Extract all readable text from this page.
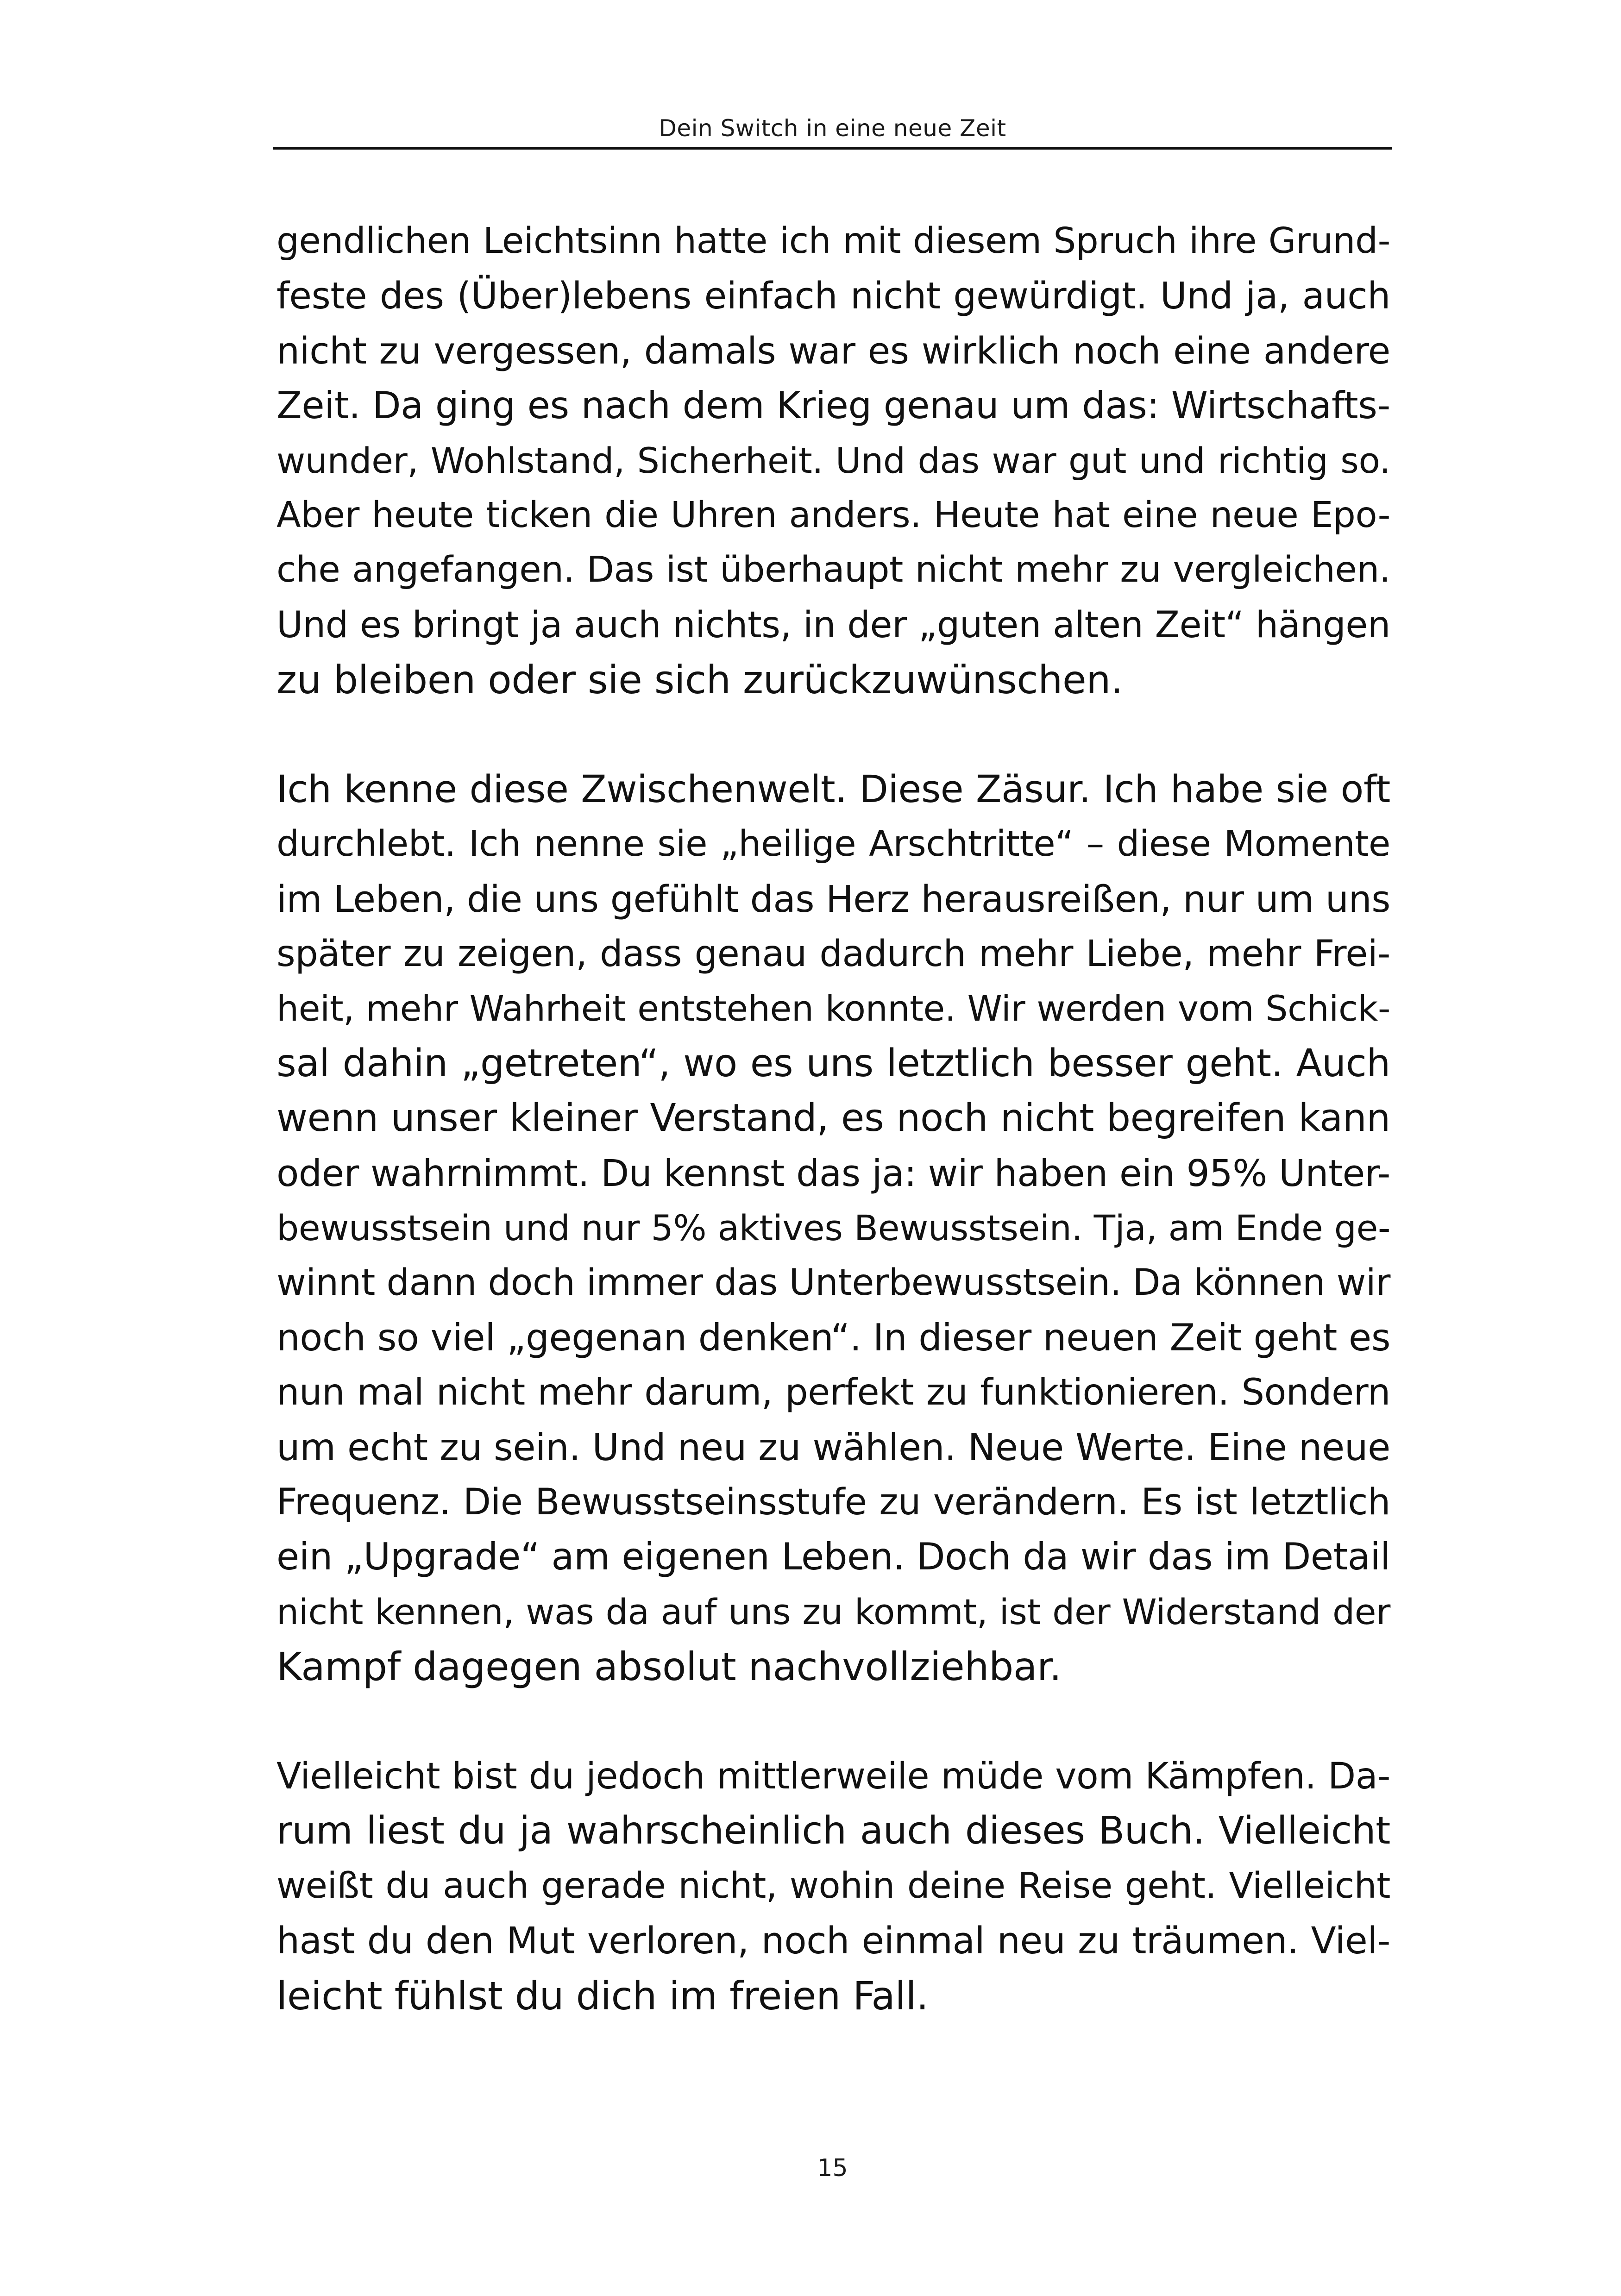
Dein Switch in eine neue Zeit
gendlichen Leichtsinn hatte ich mit diesem Spruch ihre Grund-
feste des (Über)lebens einfach nicht gewürdigt. Und ja, auch
nicht zu vergessen, damals war es wirklich noch eine andere
Zeit. Da ging es nach dem Krieg genau um das: Wirtschafts-
wunder, Wohlstand, Sicherheit. Und das war gut und richtig so.
Aber heute ticken die Uhren anders. Heute hat eine neue Epo-
che angefangen. Das ist überhaupt nicht mehr zu vergleichen.
Und es bringt ja auch nichts, in der „guten alten Zeit“ hängen
zu bleiben oder sie sich zurückzuwünschen.
Ich kenne diese Zwischenwelt. Diese Zäsur. Ich habe sie oft
durchlebt. Ich nenne sie „heilige Arschtritte“ – diese Momente
im Leben, die uns gefühlt das Herz herausreißen, nur um uns
später zu zeigen, dass genau dadurch mehr Liebe, mehr Frei-
heit, mehr Wahrheit entstehen konnte. Wir werden vom Schick-
sal dahin „getreten“, wo es uns letztlich besser geht. Auch
wenn unser kleiner Verstand, es noch nicht begreifen kann
oder wahrnimmt. Du kennst das ja: wir haben ein 95% Unter-
bewusstsein und nur 5% aktives Bewusstsein. Tja, am Ende ge-
winnt dann doch immer das Unterbewusstsein. Da können wir
noch so viel „gegenan denken“. In dieser neuen Zeit geht es
nun mal nicht mehr darum, perfekt zu funktionieren. Sondern
um echt zu sein. Und neu zu wählen. Neue Werte. Eine neue
Frequenz. Die Bewusstseinsstufe zu verändern. Es ist letztlich
ein „Upgrade“ am eigenen Leben. Doch da wir das im Detail
nicht kennen, was da auf uns zu kommt, ist der Widerstand der
Kampf dagegen absolut nachvollziehbar.
Vielleicht bist du jedoch mittlerweile müde vom Kämpfen. Da-
rum liest du ja wahrscheinlich auch dieses Buch. Vielleicht
weißt du auch gerade nicht, wohin deine Reise geht. Vielleicht
hast du den Mut verloren, noch einmal neu zu träumen. Viel-
leicht fühlst du dich im freien Fall.
15
